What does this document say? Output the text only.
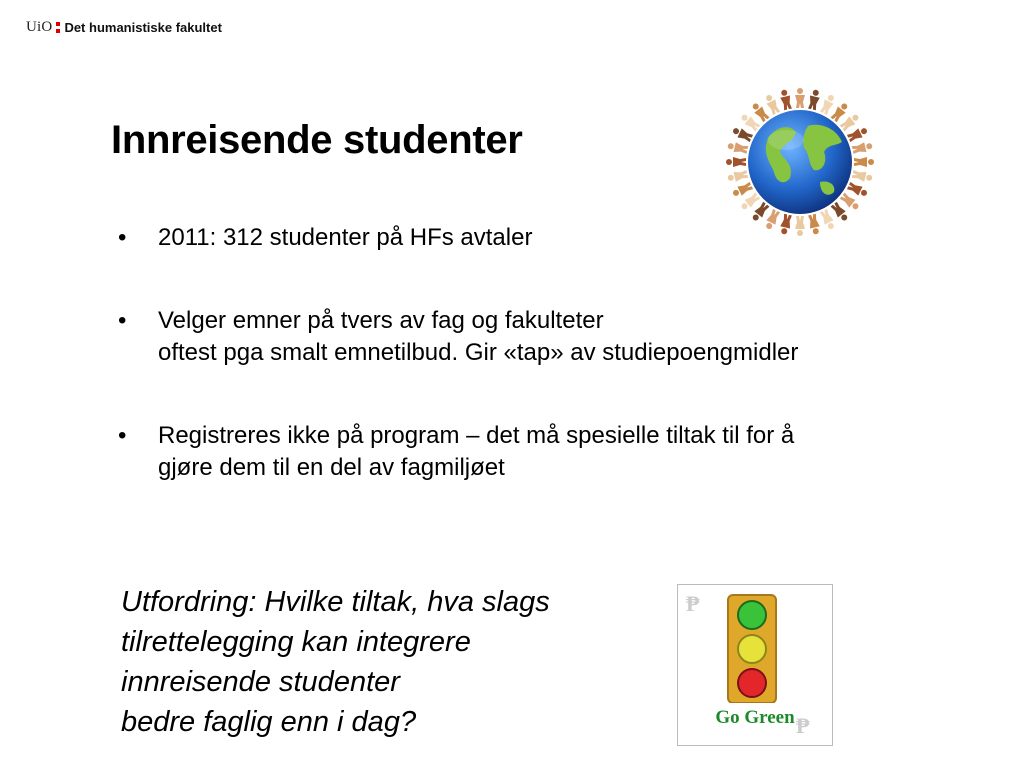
UiO Det humanistiske fakultet
Innreisende studenter
•	2011: 312 studenter på HFs avtaler
•	Velger emner på tvers av fag og fakulteter
oftest pga smalt emnetilbud. Gir «tap» av studiepoengmidler
•	Registreres ikke på program – det må spesielle tiltak til for å
gjøre dem til en del av fagmiljøet
Utfordring: Hvilke tiltak, hva slags
tilrettelegging kan integrere
innreisende studenter
bedre faglig enn i dag?
₱
₱
Go Green
